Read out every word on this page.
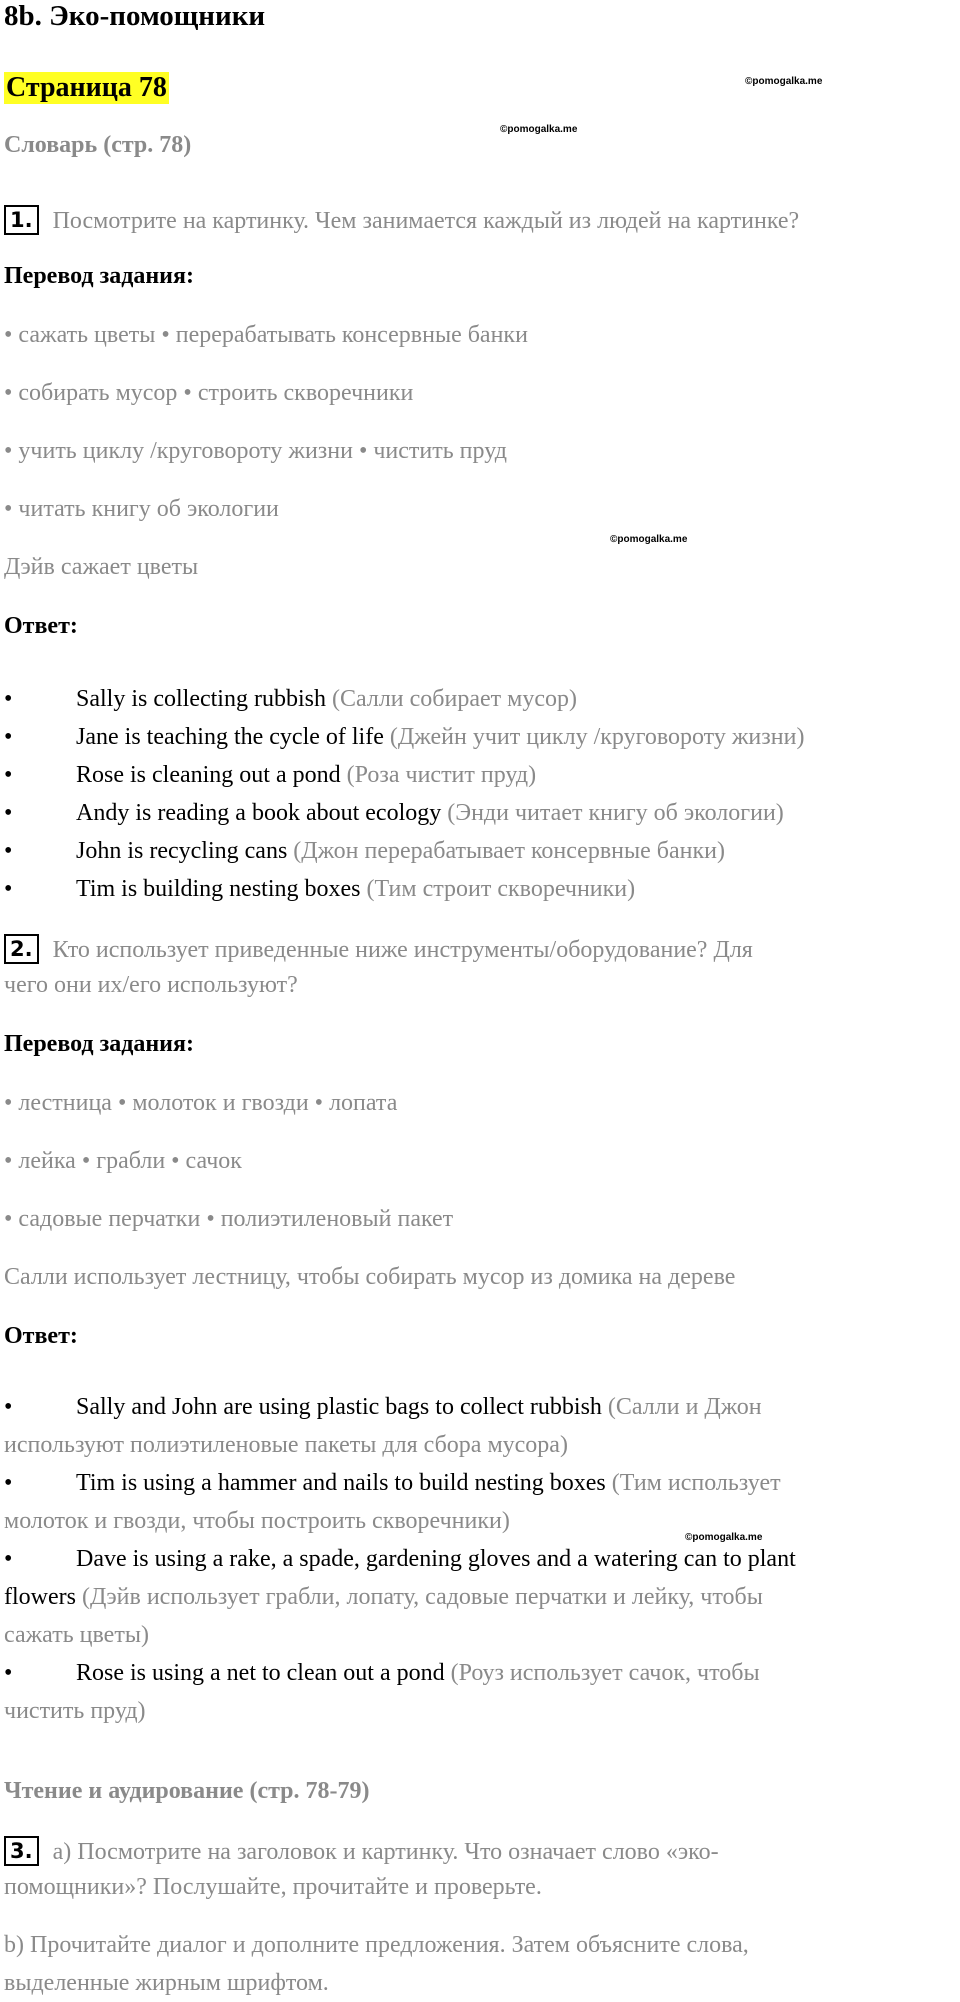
8b. Эко-помощники
Страница 78	©pomogalka.me
©pomogalka.me
Словарь (стр. 78)
1. Посмотрите на картинку. Чем занимается каждый из людей на картинке?
Перевод задания:
• сажать цветы • перерабатывать консервные банки
• собирать мусор • строить скворечники
• учить циклу /круговороту жизни • чистить пруд
• читать книгу об экологии
©pomogalka.me
Дэйв сажает цветы
Ответ:
•	Sally is collecting rubbish (Салли собирает мусор)
•	Jane is teaching the cycle of life (Джейн учит циклу /круговороту жизни)
•	Rose is cleaning out a pond (Роза чистит пруд)
•	Andy is reading a book about ecology (Энди читает книгу об экологии)
•	John is recycling cans (Джон перерабатывает консервные банки)
•	Tim is building nesting boxes (Тим строит скворечники)
2. Кто использует приведенные ниже инструменты/оборудование? Для
чего они их/его используют?
Перевод задания:
• лестница • молоток и гвозди • лопата
• лейка • грабли • сачок
• садовые перчатки • полиэтиленовый пакет
Салли использует лестницу, чтобы собирать мусор из домика на дереве
Ответ:
•	Sally and John are using plastic bags to collect rubbish (Салли и Джон
используют полиэтиленовые пакеты для сбора мусора)
•	Tim is using a hammer and nails to build nesting boxes (Тим использует
молоток и гвозди, чтобы построить скворечники)
•	Dave is using a rake, a spade, gardening gloves and a watering can to plant
flowers (Дэйв использует грабли, лопату, садовые перчатки и лейку, чтобы
сажать цветы)
•	Rose is using a net to clean out a pond (Роуз использует сачок, чтобы
чистить пруд)
©pomogalka.me
Чтение и аудирование (стр. 78-79)
3. a) Посмотрите на заголовок и картинку. Что означает слово «эко-
помощники»? Послушайте, прочитайте и проверьте.
b) Прочитайте диалог и дополните предложения. Затем объясните слова,
выделенные жирным шрифтом.
